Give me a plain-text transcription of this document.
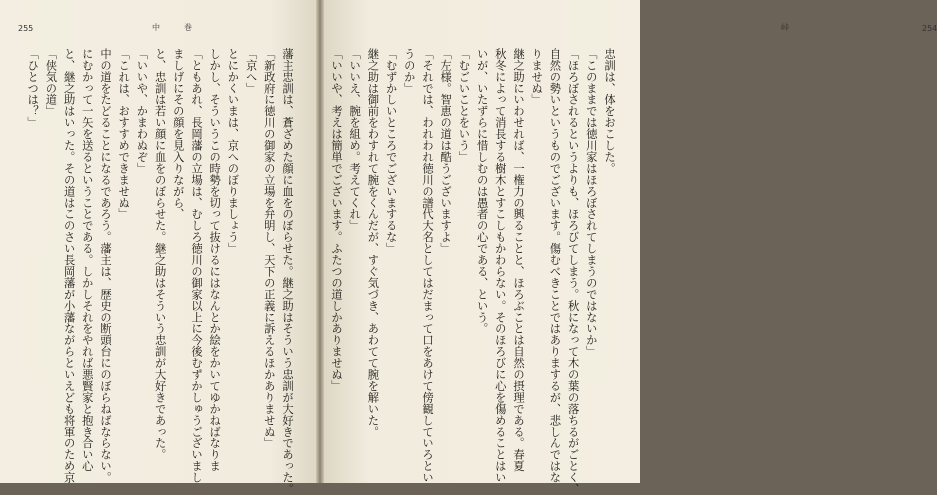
255	中　巻
藩主忠訓は、蒼ざめた顔に血をのぼらせた。継之助はそういう忠訓が大好きであった。
「新政府に徳川の御家の立場を弁明し、天下の正義に訴えるほかありませぬ」
「京へ」
とにかくいまは、京へのぼりましょう」
しかし、そういうこの時勢を切って抜けるにはなんとか絵をかいてゆかねばなりま
「ともあれ、長岡藩の立場は、むしろ徳川の御家以上に今後むずかしゅうございまし
ましげにその顔を見入りながら、
と、忠訓は若い顔に血をのぼらせた。継之助はそういう忠訓が大好きであった。
「いいや、かまわぬぞ」
「これは、おすすめできませぬ」
中の道をたどることになるであろう。藩主は、歴史の断頭台にのぼらねばならない。
にむかって一矢を送るということである。しかしそれをやれば悪賢家と抱き合い心
と、継之助はいった。その道はこのさい長岡藩が小藩ながらといえども将軍のため京
「侠気の道」
「ひとつは？」
254
峠
忠訓は、体をおこした。
「このままでは徳川家はほろぼされてしまうのではないか」
「ほろぼされるというよりも、ほろびてしまう。秋になって木の葉の落ちるがごとく、
自然の勢いというものでございます。傷むべきことではありまするが、悲しんではな
りませぬ」
継之助にいわせれば、一権力の興ることと、ほろぶことは自然の摂理である。春夏
秋冬によって消長する樹木とすこしもかわらない。そのほろびに心を傷めることはい
いが、いたずらに惜しむのは愚者の心である、という。
「むごいことをいう」
「左様。智恵の道は酷うございますよ」
「それでは、われわれ徳川の譜代大名としてはだまって口をあけて傍観していろとい
うのか」
「むずかしいところでございまするな」
継之助は御前をわすれて腕をくんだが、すぐ気づき、あわてて腕を解いた。
「いいえ、腕を組め。考えてくれ」
「いいや、考えは簡単でございます。ふたつの道しかありませぬ」
